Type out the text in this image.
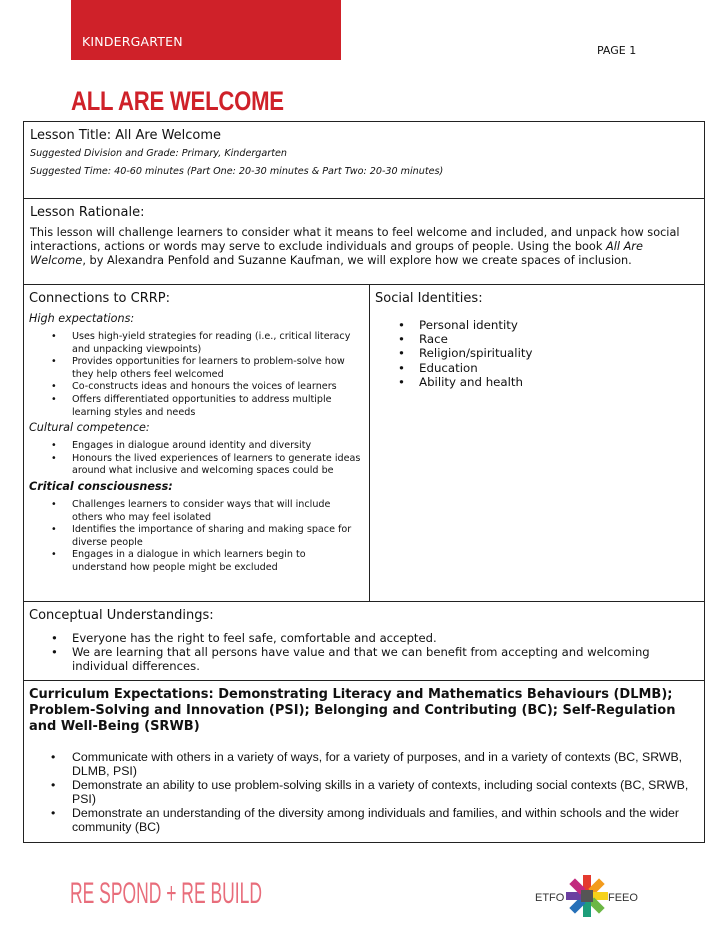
KINDERGARTEN
PAGE 1
ALL ARE WELCOME

Lesson Title: All Are Welcome

Suggested Division and Grade: Primary, Kindergarten

Suggested Time: 40-60 minutes (Part One: 20-30 minutes & Part Two: 20-30 minutes)

Lesson Rationale:

This lesson will challenge learners to consider what it means to feel welcome and included, and unpack how social interactions, actions or words may serve to exclude individuals and groups of people. Using the book All Are Welcome, by Alexandra Penfold and Suzanne Kaufman, we will explore how we create spaces of inclusion.

Connections to CRRP:

High expectations:

• Uses high-yield strategies for reading (i.e., critical literacy and unpacking viewpoints)
• Provides opportunities for learners to problem-solve how they help others feel welcomed
• Co-constructs ideas and honours the voices of learners
• Offers differentiated opportunities to address multiple learning styles and needs

Cultural competence:

• Engages in dialogue around identity and diversity
• Honours the lived experiences of learners to generate ideas around what inclusive and welcoming spaces could be

Critical consciousness:

• Challenges learners to consider ways that will include others who may feel isolated
• Identifies the importance of sharing and making space for diverse people
• Engages in a dialogue in which learners begin to understand how people might be excluded

Social Identities:

• Personal identity
• Race
• Religion/spirituality
• Education
• Ability and health

Conceptual Understandings:

• Everyone has the right to feel safe, comfortable and accepted.
• We are learning that all persons have value and that we can benefit from accepting and welcoming individual differences.

Curriculum Expectations: Demonstrating Literacy and Mathematics Behaviours (DLMB); Problem-Solving and Innovation (PSI); Belonging and Contributing (BC); Self-Regulation and Well-Being (SRWB)

• Communicate with others in a variety of ways, for a variety of purposes, and in a variety of contexts (BC, SRWB, DLMB, PSI)
• Demonstrate an ability to use problem-solving skills in a variety of contexts, including social contexts (BC, SRWB, PSI)
• Demonstrate an understanding of the diversity among individuals and families, and within schools and the wider community (BC)
RE SPOND + RE BUILD	ETFO	FEEO
